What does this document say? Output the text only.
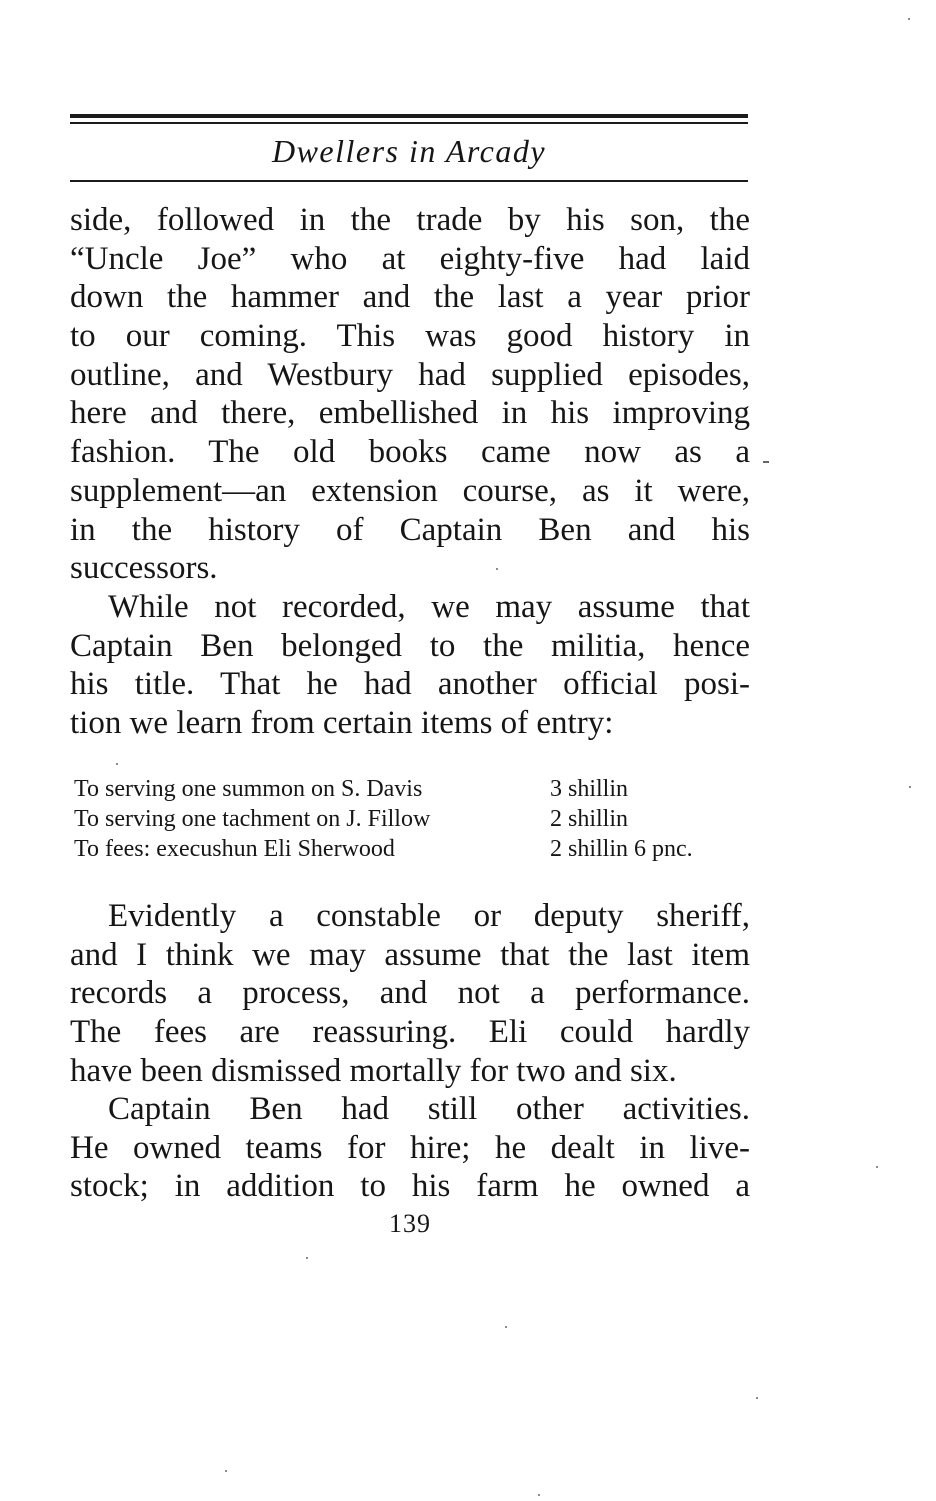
Dwellers in Arcady
side, followed in the trade by his son, the
“Uncle Joe” who at eighty-five had laid
down the hammer and the last a year prior
to our coming. This was good history in
outline, and Westbury had supplied episodes,
here and there, embellished in his improving
fashion. The old books came now as a
supplement—an extension course, as it were,
in the history of Captain Ben and his
successors.
While not recorded, we may assume that
Captain Ben belonged to the militia, hence
his title. That he had another official posi-
tion we learn from certain items of entry:
To serving one summon on S. Davis	3 shillin
To serving one tachment on J. Fillow	2 shillin
To fees: execushun Eli Sherwood	2 shillin 6 pnc.
Evidently a constable or deputy sheriff,
and I think we may assume that the last item
records a process, and not a performance.
The fees are reassuring. Eli could hardly
have been dismissed mortally for two and six.
Captain Ben had still other activities.
He owned teams for hire; he dealt in live-
stock; in addition to his farm he owned a
139
